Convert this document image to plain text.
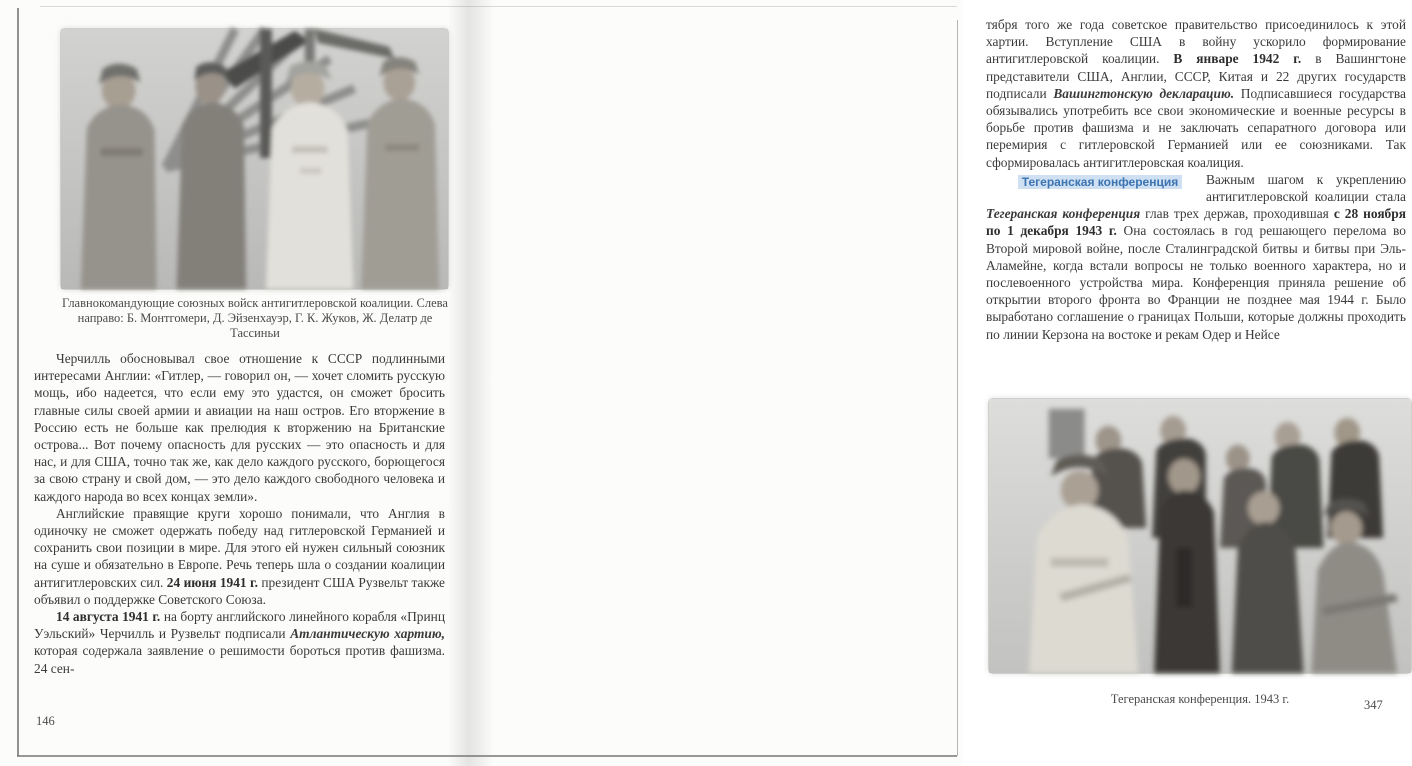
Главнокомандующие союзных войск антигитлеровской коалиции. Слева направо: Б. Монтгомери, Д. Эйзенхауэр, Г. К. Жуков, Ж. Делатр де Тассиньи

Черчилль обосновывал свое отношение к СССР подлинными интересами Англии: «Гитлер, — говорил он, — хочет сломить русскую мощь, ибо надеется, что если ему это удастся, он сможет бросить главные силы своей армии и авиации на наш остров. Его вторжение в Россию есть не больше как прелюдия к вторжению на Британские острова... Вот почему опасность для русских — это опасность и для нас, и для США, точно так же, как дело каждого русского, борющегося за свою страну и свой дом, — это дело каждого свободного человека и каждого народа во всех концах земли».

Английские правящие круги хорошо понимали, что Англия в одиночку не сможет одержать победу над гитлеровской Германией и сохранить свои позиции в мире. Для этого ей нужен сильный союзник на суше и обязательно в Европе. Речь теперь шла о создании коалиции антигитлеровских сил. 24 июня 1941 г. президент США Рузвельт также объявил о поддержке Советского Союза.

14 августа 1941 г. на борту английского линейного корабля «Принц Уэльский» Черчилль и Рузвельт подписали Атлантическую хартию, которая содержала заявление о решимости бороться против фашизма. 24 сен-

146

тября того же года советское правительство присоединилось к этой хартии. Вступление США в войну ускорило формирование антигитлеровской коалиции. В январе 1942 г. в Вашингтоне представители США, Англии, СССР, Китая и 22 других государств подписали Вашингтонскую декларацию. Подписавшиеся государства обязывались употребить все свои экономические и военные ресурсы в борьбе против фашизма и не заключать сепаратного договора или перемирия с гитлеровской Германией или ее союзниками. Так сформировалась антигитлеровская коалиция.

Тегеранская конференция	Важным шагом к укреплению антигитлеровской коалиции стала Тегеранская конференция глав трех держав, проходившая с 28 ноября по 1 декабря 1943 г. Она состоялась в год решающего перелома во Второй мировой войне, после Сталинградской битвы и битвы при Эль-Аламейне, когда встали вопросы не только военного характера, но и послевоенного устройства мира. Конференция приняла решение об открытии второго фронта во Франции не позднее мая 1944 г. Было выработано соглашение о границах Польши, которые должны проходить по линии Керзона на востоке и рекам Одер и Нейсе

Тегеранская конференция. 1943 г.	347
